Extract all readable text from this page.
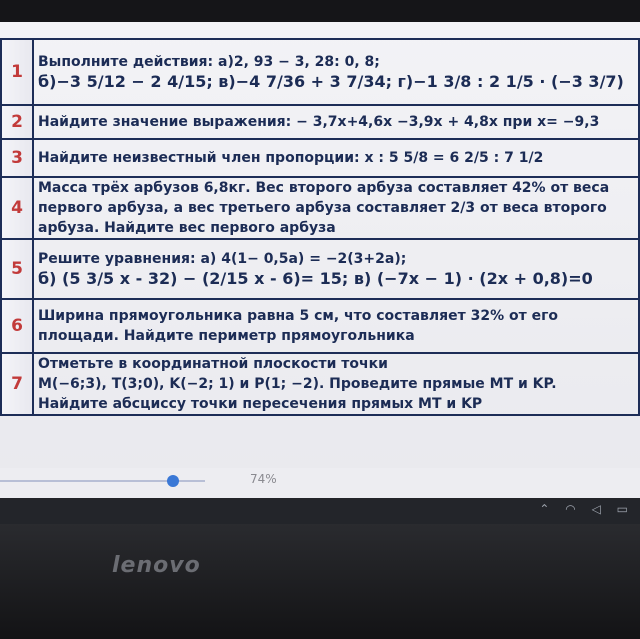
1	Выполните действия: а)2, 93 − 3, 28: 0, 8;
б)−3 5/12 − 2 4/15; в)−4 7/36 + 3 7/34; г)−1 3/8 : 2 1/5 · (−3 3/7)

2	Найдите значение выражения: − 3,7x+4,6x −3,9x + 4,8x при x= −9,3

3	Найдите неизвестный член пропорции: x : 5 5/8 = 6 2/5 : 7 1/2

4	Масса трёх арбузов 6,8кг. Вес второго арбуза составляет 42% от веса
первого арбуза, а вес третьего арбуза составляет 2/3 от веса второго
арбуза. Найдите вес первого арбуза

5	Решите уравнения: а) 4(1− 0,5а) = −2(3+2а);
б) (5 3/5 x - 32) − (2/15 x - 6)= 15; в) (−7x − 1) · (2x + 0,8)=0

6	Ширина прямоугольника равна 5 см, что составляет 32% от его
площади. Найдите периметр прямоугольника

7	Отметьте в координатной плоскости точки
M(−6;3), T(3;0), K(−2; 1) и P(1; −2). Проведите прямые MT и KP.
Найдите абсциссу точки пересечения прямых MT и KP
74%
⌃ ◠ ◁ ▭
lenovo
